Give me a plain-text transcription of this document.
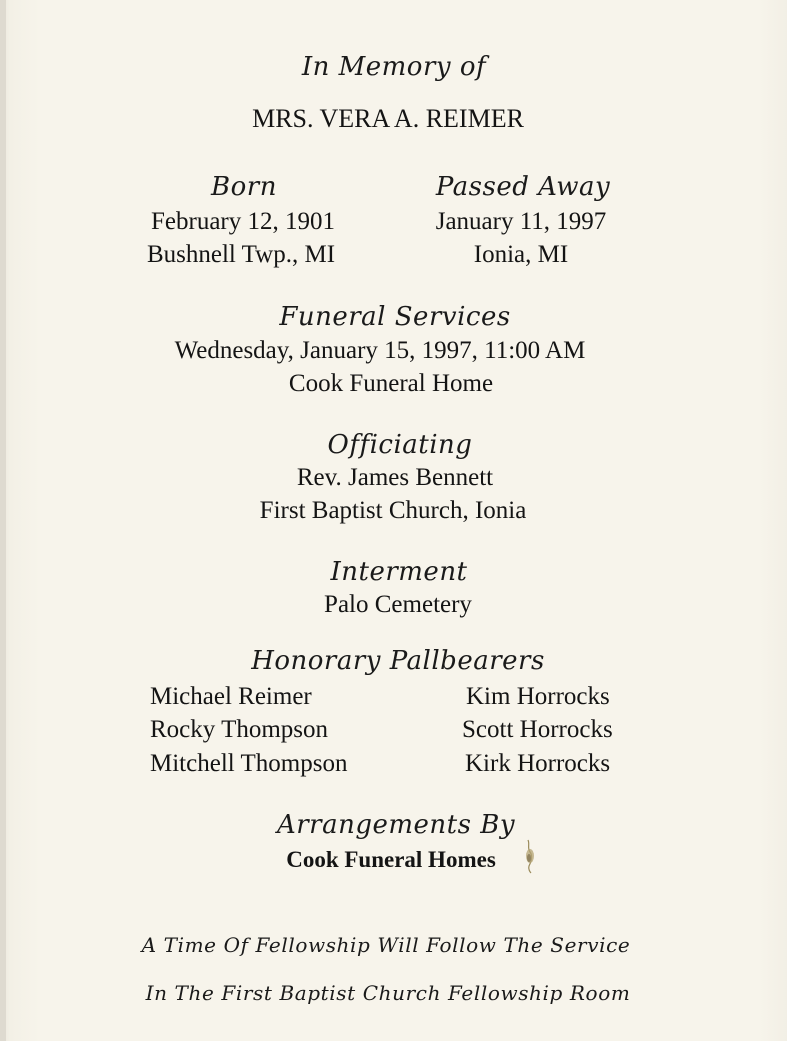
In Memory of
MRS. VERA A. REIMER
Born
February 12, 1901
Bushnell Twp., MI
Passed Away
January 11, 1997
Ionia, MI
Funeral Services
Wednesday, January 15, 1997, 11:00 AM
Cook Funeral Home
Officiating
Rev. James Bennett
First Baptist Church, Ionia
Interment
Palo Cemetery
Honorary Pallbearers
Michael Reimer
Rocky Thompson
Mitchell Thompson
Kim Horrocks
Scott Horrocks
Kirk Horrocks
Arrangements By
Cook Funeral Homes
A Time Of Fellowship Will Follow The Service
In The First Baptist Church Fellowship Room
